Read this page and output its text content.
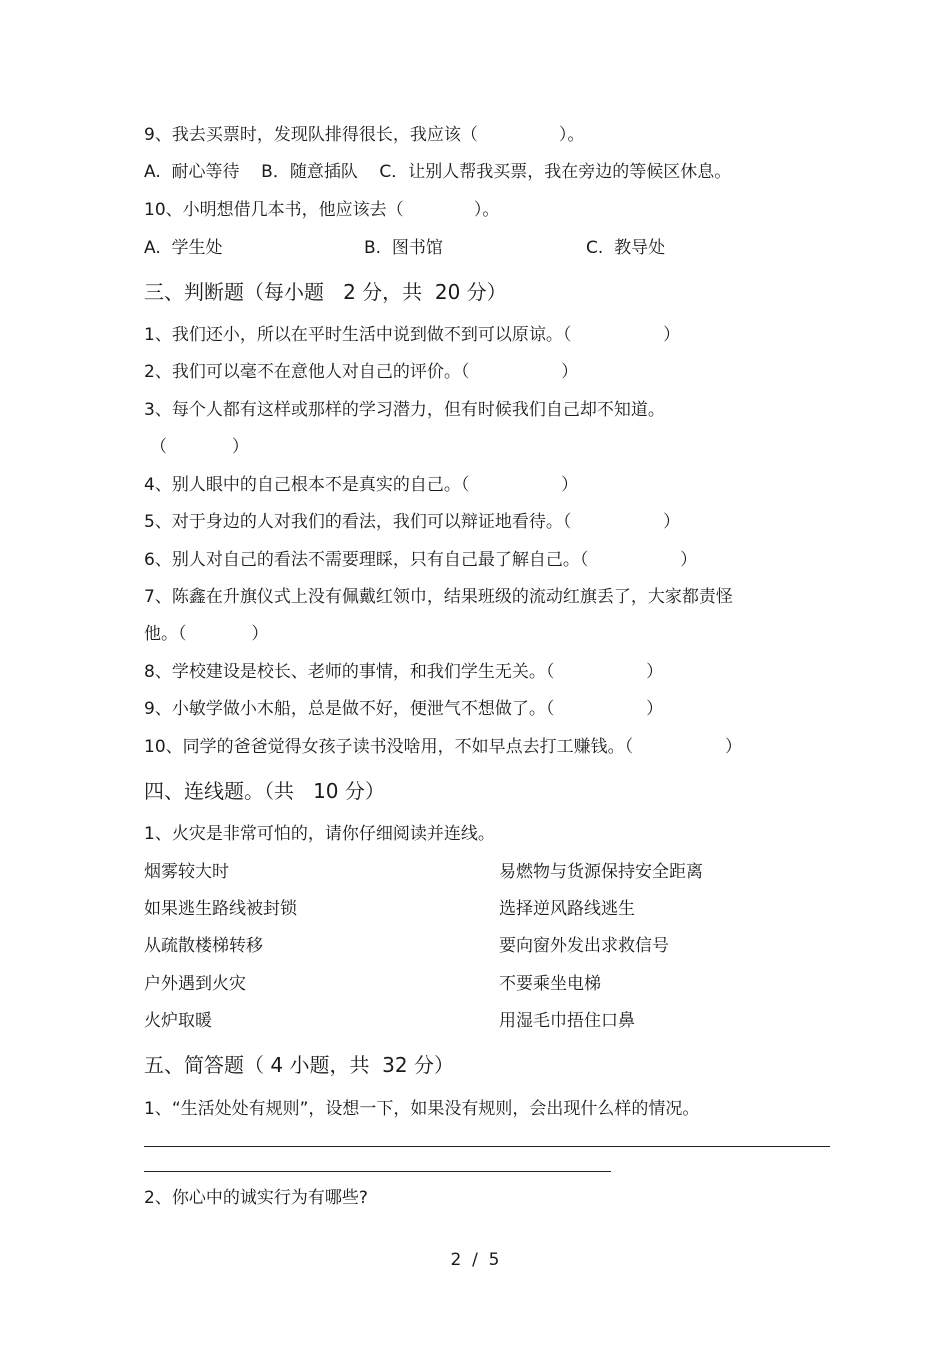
9、我去买票时，发现队排得很长，我应该（               ）。
A.  耐心等待    B．随意插队    C．让别人帮我买票，我在旁边的等候区休息。
10、小明想借几本书，他应该去（             ）。
A.  学生处	B.  图书馆	C.  教导处
三、判断题（每小题   2 分，共  20 分）
1、我们还小，所以在平时生活中说到做不到可以原谅。（                 ）
2、我们可以毫不在意他人对自己的评价。（                 ）
3、每个人都有这样或那样的学习潜力，但有时候我们自己却不知道。
（            ）
4、别人眼中的自己根本不是真实的自己。（                 ）
5、对于身边的人对我们的看法，我们可以辩证地看待。（                 ）
6、别人对自己的看法不需要理睬，只有自己最了解自己。（                 ）
7、陈鑫在升旗仪式上没有佩戴红领巾，结果班级的流动红旗丢了，大家都责怪
他。（            ）
8、学校建设是校长、老师的事情，和我们学生无关。（                 ）
9、小敏学做小木船，总是做不好，便泄气不想做了。（                 ）
10、同学的爸爸觉得女孩子读书没啥用，不如早点去打工赚钱。（                 ）
四、连线题。（共   10 分）
1、火灾是非常可怕的，请你仔细阅读并连线。
烟雾较大时
如果逃生路线被封锁
从疏散楼梯转移
户外遇到火灾
火炉取暖
易燃物与货源保持安全距离
选择逆风路线逃生
要向窗外发出求救信号
不要乘坐电梯
用湿毛巾捂住口鼻
五、简答题（ 4 小题，共  32 分）
1、“生活处处有规则”，设想一下，如果没有规则，会出现什么样的情况。
2、你心中的诚实行为有哪些?
2  /  5
